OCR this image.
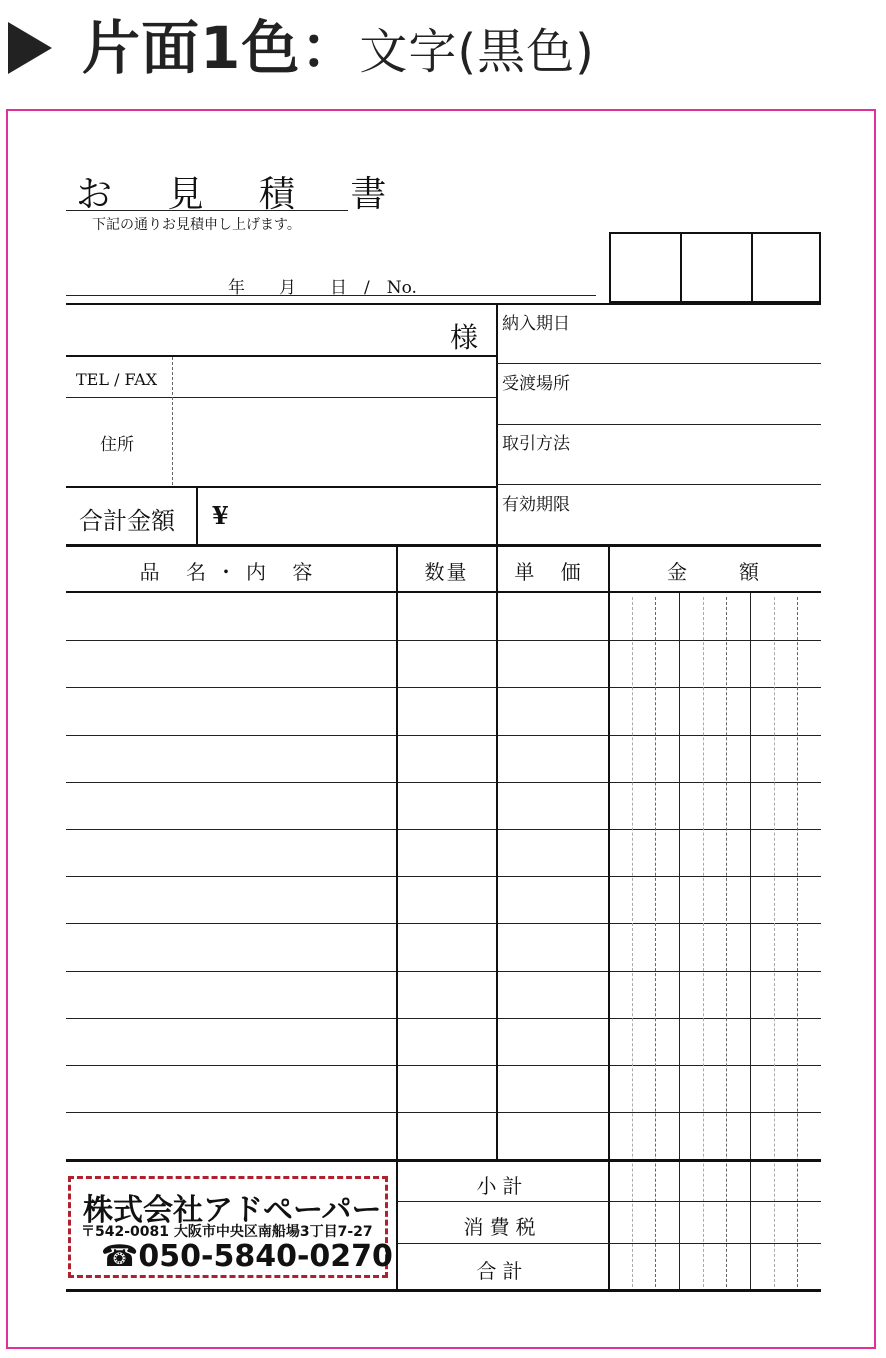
片面1色：文字(黒色)
お 見 積 書
下記の通りお見積申し上げます。
年　　月　　日　/　No.
様
TEL / FAX
住所
合計金額 ¥
納入期日
受渡場所
取引方法
有効期限
品 名・内 容	数量	単 価	金　　額
小計
消費税
合計
株式会社アドペーパー
〒542-0081 大阪市中央区南船場3丁目7-27
☎050-5840-0270
